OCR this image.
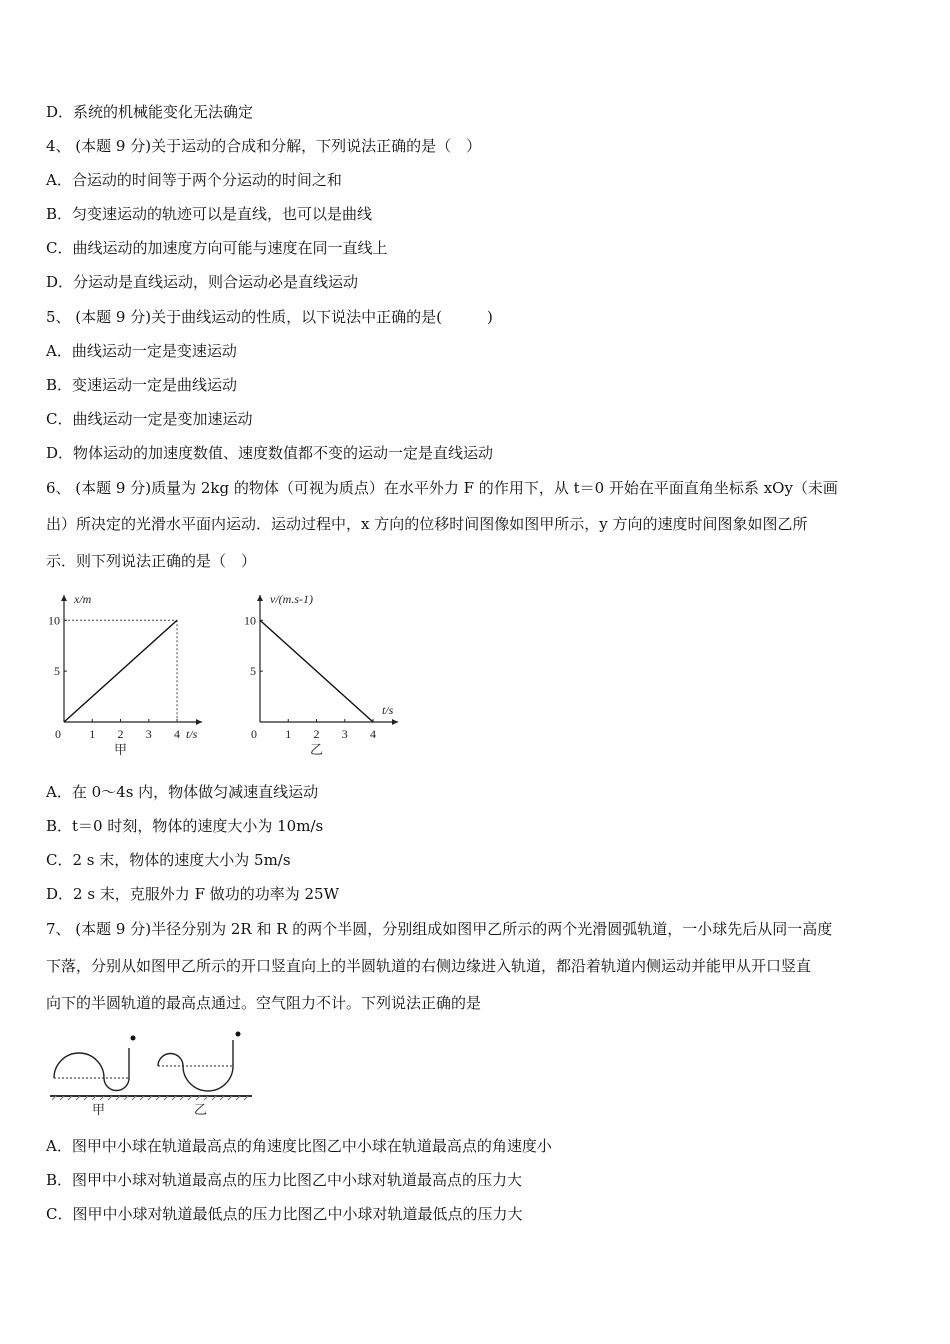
D．系统的机械能变化无法确定
4、 (本题 9 分)关于运动的合成和分解，下列说法正确的是（　）
A．合运动的时间等于两个分运动的时间之和
B．匀变速运动的轨迹可以是直线，也可以是曲线
C．曲线运动的加速度方向可能与速度在同一直线上
D．分运动是直线运动，则合运动必是直线运动
5、 (本题 9 分)关于曲线运动的性质，以下说法中正确的是(　　　)
A．曲线运动一定是变速运动
B．变速运动一定是曲线运动
C．曲线运动一定是变加速运动
D．物体运动的加速度数值、速度数值都不变的运动一定是直线运动
6、 (本题 9 分)质量为 2kg 的物体（可视为质点）在水平外力 F 的作用下，从 t＝0 开始在平面直角坐标系 xOy（未画
出）所决定的光滑水平面内运动．运动过程中，x 方向的位移时间图像如图甲所示，y 方向的速度时间图象如图乙所
示．则下列说法正确的是（　）
0 1 2 3 4
5
10
x/m
t/s
甲
0 1 2 3 4
5
10
v/(m.s-1)
t/s
乙
A．在 0～4s 内，物体做匀减速直线运动
B．t＝0 时刻，物体的速度大小为 10m/s
C．2 s 末，物体的速度大小为 5m/s
D．2 s 末，克服外力 F 做功的功率为 25W
7、 (本题 9 分)半径分别为 2R 和 R 的两个半圆，分别组成如图甲乙所示的两个光滑圆弧轨道，一小球先后从同一高度
下落，分别从如图甲乙所示的开口竖直向上的半圆轨道的右侧边缘进入轨道，都沿着轨道内侧运动并能甲从开口竖直
向下的半圆轨道的最高点通过。空气阻力不计。下列说法正确的是
甲	乙
A．图甲中小球在轨道最高点的角速度比图乙中小球在轨道最高点的角速度小
B．图甲中小球对轨道最高点的压力比图乙中小球对轨道最高点的压力大
C．图甲中小球对轨道最低点的压力比图乙中小球对轨道最低点的压力大
